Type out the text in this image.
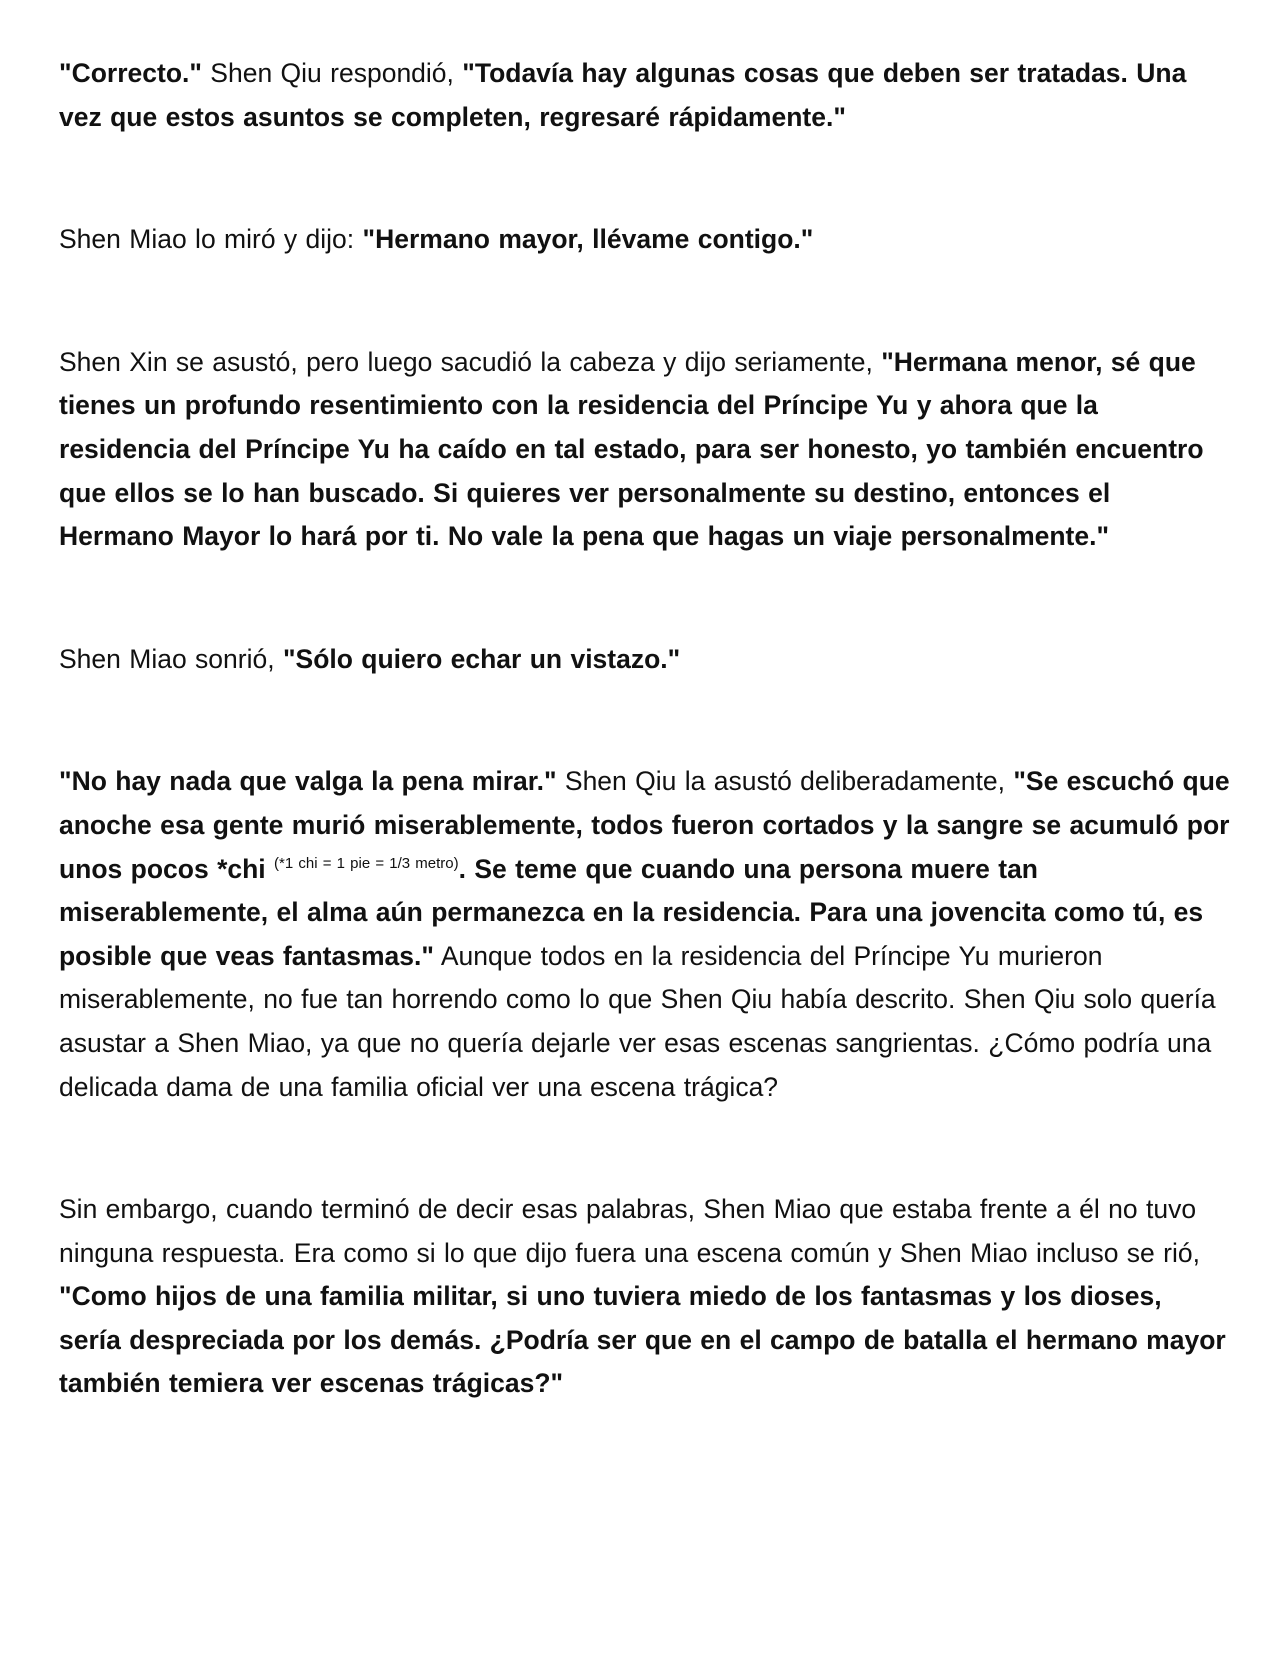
"Correcto." Shen Qiu respondió, "Todavía hay algunas cosas que deben ser tratadas. Una vez que estos asuntos se completen, regresaré rápidamente."

Shen Miao lo miró y dijo: "Hermano mayor, llévame contigo."

Shen Xin se asustó, pero luego sacudió la cabeza y dijo seriamente, "Hermana menor, sé que tienes un profundo resentimiento con la residencia del Príncipe Yu y ahora que la residencia del Príncipe Yu ha caído en tal estado, para ser honesto, yo también encuentro que ellos se lo han buscado. Si quieres ver personalmente su destino, entonces el Hermano Mayor lo hará por ti. No vale la pena que hagas un viaje personalmente."

Shen Miao sonrió, "Sólo quiero echar un vistazo."

"No hay nada que valga la pena mirar." Shen Qiu la asustó deliberadamente, "Se escuchó que anoche esa gente murió miserablemente, todos fueron cortados y la sangre se acumuló por unos pocos *chi $^{(*1 chi = 1 pie = 1/3 metro)}$. Se teme que cuando una persona muere tan miserablemente, el alma aún permanezca en la residencia. Para una jovencita como tú, es posible que veas fantasmas." Aunque todos en la residencia del Príncipe Yu murieron miserablemente, no fue tan horrendo como lo que Shen Qiu había descrito. Shen Qiu solo quería asustar a Shen Miao, ya que no quería dejarle ver esas escenas sangrientas. ¿Cómo podría una delicada dama de una familia oficial ver una escena trágica?

Sin embargo, cuando terminó de decir esas palabras, Shen Miao que estaba frente a él no tuvo ninguna respuesta. Era como si lo que dijo fuera una escena común y Shen Miao incluso se rió, "Como hijos de una familia militar, si uno tuviera miedo de los fantasmas y los dioses, sería despreciada por los demás. ¿Podría ser que en el campo de batalla el hermano mayor también temiera ver escenas trágicas?"
